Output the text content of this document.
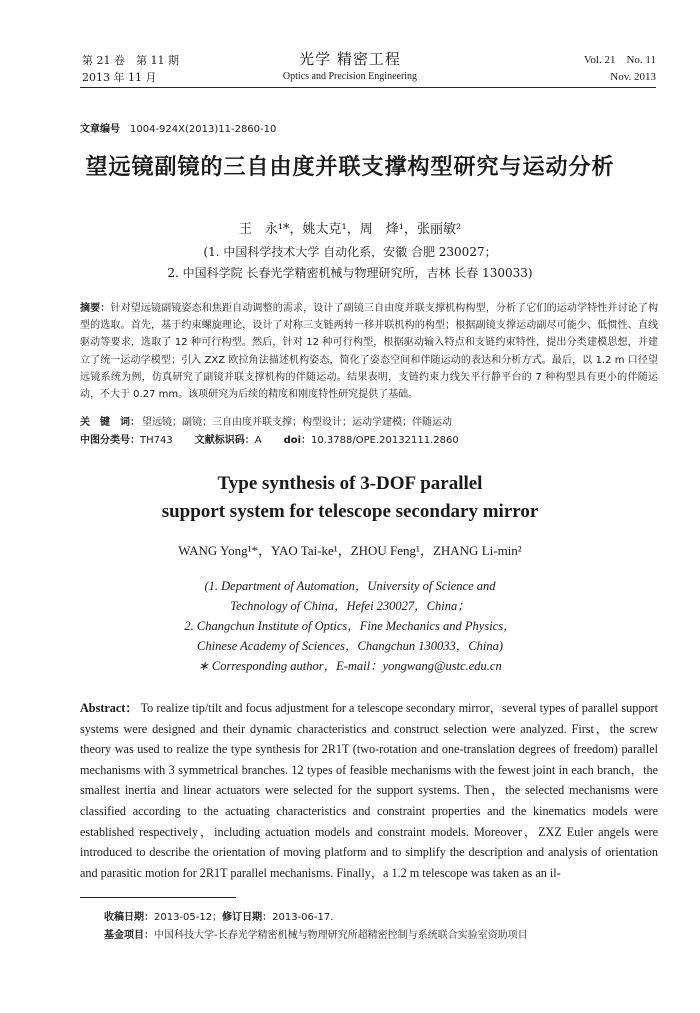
第 21 卷　第 11 期
2013 年 11 月
光学 精密工程
Optics and Precision Engineering
Vol. 21　No. 11
Nov. 2013
文章编号 1004-924X(2013)11-2860-10
望远镜副镜的三自由度并联支撑构型研究与运动分析
王　永¹*，姚太克¹，周　烽¹，张丽敏²
(1. 中国科学技术大学 自动化系，安徽 合肥 230027；
2. 中国科学院 长春光学精密机械与物理研究所，吉林 长春 130033)
摘要：针对望远镜副镜姿态和焦距自动调整的需求，设计了副镜三自由度并联支撑机构构型，分析了它们的运动学特性并讨论了构型的选取。首先，基于约束螺旋理论，设计了对称三支链两转一移并联机构的构型；根据副镜支撑运动副尽可能少、低惯性、直线驱动等要求，选取了 12 种可行构型。然后，针对 12 种可行构型，根据驱动输入特点和支链约束特性，提出分类建模思想，并建立了统一运动学模型；引入 ZXZ 欧拉角法描述机构姿态，简化了姿态空间和伴随运动的表达和分析方式。最后，以 1.2 m 口径望远镜系统为例，仿真研究了副镜并联支撑机构的伴随运动。结果表明，支链约束力线矢平行静平台的 7 种构型具有更小的伴随运动，不大于 0.27 mm。该项研究为后续的精度和刚度特性研究提供了基础。
关　键　词： 望远镜；副镜；三自由度并联支撑；构型设计；运动学建模；伴随运动
中图分类号：TH743 文献标识码：A doi：10.3788/OPE.20132111.2860
Type synthesis of 3-DOF parallel
support system for telescope secondary mirror
WANG Yong¹*，YAO Tai-ke¹，ZHOU Feng¹，ZHANG Li-min²
(1. Department of Automation，University of Science and
Technology of China，Hefei 230027，China；
2. Changchun Institute of Optics，Fine Mechanics and Physics，
Chinese Academy of Sciences，Changchun 130033，China)
∗ Corresponding author，E-mail：yongwang@ustc.edu.cn
Abstract： To realize tip/tilt and focus adjustment for a telescope secondary mirror，several types of parallel support systems were designed and their dynamic characteristics and construct selection were analyzed. First，the screw theory was used to realize the type synthesis for 2R1T (two-rotation and one-translation degrees of freedom) parallel mechanisms with 3 symmetrical branches. 12 types of feasible mechanisms with the fewest joint in each branch，the smallest inertia and linear actuators were selected for the support systems. Then，the selected mechanisms were classified according to the actuating characteristics and constraint properties and the kinematics models were established respectively，including actuation models and constraint models. Moreover，ZXZ Euler angels were introduced to describe the orientation of moving platform and to simplify the description and analysis of orientation and parasitic motion for 2R1T parallel mechanisms. Finally，a 1.2 m telescope was taken as an il-
收稿日期：2013-05-12；修订日期：2013-06-17.
基金项目：中国科技大学-长春光学精密机械与物理研究所超精密控制与系统联合实验室资助项目
